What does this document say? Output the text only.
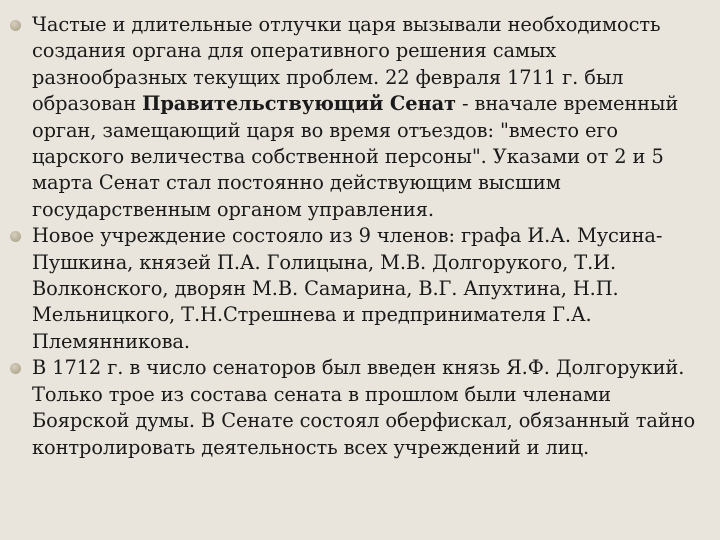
Частые и длительные отлучки царя вызывали необходимость создания органа для оперативного решения самых разнообразных текущих проблем. 22 февраля 1711 г. был образован Правительствующий Сенат - вначале временный орган, замещающий царя во время отъездов: "вместо его царского величества собственной персоны". Указами от 2 и 5 марта Сенат стал постоянно действующим высшим государственным органом управления.
Новое учреждение состояло из 9 членов: графа И.А. Мусина-Пушкина, князей П.А. Голицына, М.В. Долгорукого, Т.И. Волконского, дворян М.В. Самарина, В.Г. Апухтина, Н.П. Мельницкого, Т.Н.Стрешнева и предпринимателя Г.А. Племянникова.
В 1712 г. в число сенаторов был введен князь Я.Ф. Долгорукий. Только трое из состава сената в прошлом были членами Боярской думы. В Сенате состоял оберфискал, обязанный тайно контролировать деятельность всех учреждений и лиц.
